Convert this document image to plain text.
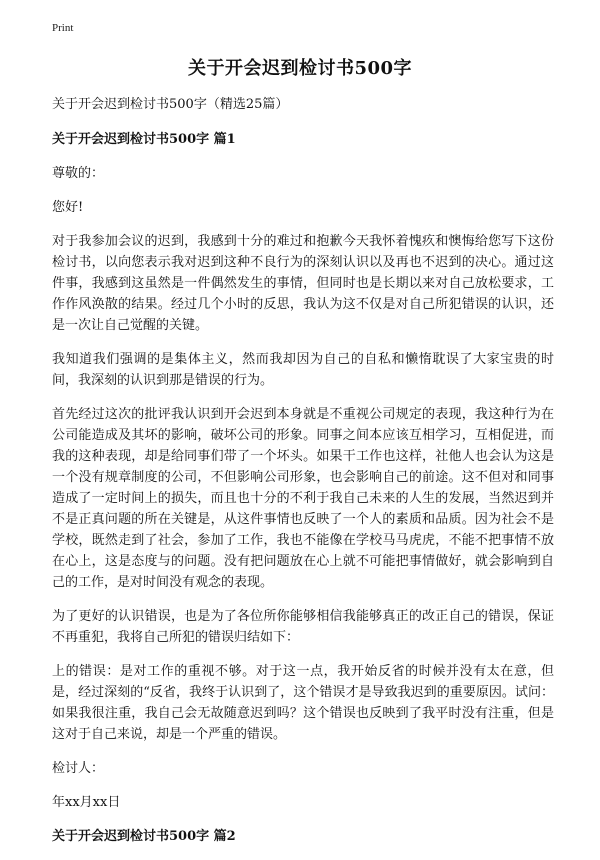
Print
关于开会迟到检讨书500字

关于开会迟到检讨书500字（精选25篇）

关于开会迟到检讨书500字 篇1

尊敬的：

您好!

对于我参加会议的迟到，我感到十分的难过和抱歉今天我怀着愧疚和懊悔给您写下这份检讨书，以向您表示我对迟到这种不良行为的深刻认识以及再也不迟到的决心。通过这件事，我感到这虽然是一件偶然发生的事情，但同时也是长期以来对自己放松要求，工作作风涣散的结果。经过几个小时的反思，我认为这不仅是对自己所犯错误的认识，还是一次让自己觉醒的关键。

我知道我们强调的是集体主义，然而我却因为自己的自私和懒惰耽误了大家宝贵的时间，我深刻的认识到那是错误的行为。

首先经过这次的批评我认识到开会迟到本身就是不重视公司规定的表现，我这种行为在公司能造成及其坏的影响，破坏公司的形象。同事之间本应该互相学习，互相促进，而我的这种表现，却是给同事们带了一个坏头。如果干工作也这样，社他人也会认为这是一个没有规章制度的公司，不但影响公司形象，也会影响自己的前途。这不但对和同事造成了一定时间上的损失，而且也十分的不利于我自己未来的人生的发展，当然迟到并不是正真问题的所在关键是，从这件事情也反映了一个人的素质和品质。因为社会不是学校，既然走到了社会，参加了工作，我也不能像在学校马马虎虎，不能不把事情不放在心上，这是态度与的问题。没有把问题放在心上就不可能把事情做好，就会影响到自己的工作，是对时间没有观念的表现。

为了更好的认识错误，也是为了各位所你能够相信我能够真正的改正自己的错误，保证不再重犯，我将自己所犯的错误归结如下：

上的错误：是对工作的重视不够。对于这一点，我开始反省的时候并没有太在意，但是，经过深刻的“反省，我终于认识到了，这个错误才是导致我迟到的重要原因。试问：如果我很注重，我自己会无故随意迟到吗？这个错误也反映到了我平时没有注重，但是这对于自己来说，却是一个严重的错误。

检讨人：

年xx月xx日

关于开会迟到检讨书500字 篇2
